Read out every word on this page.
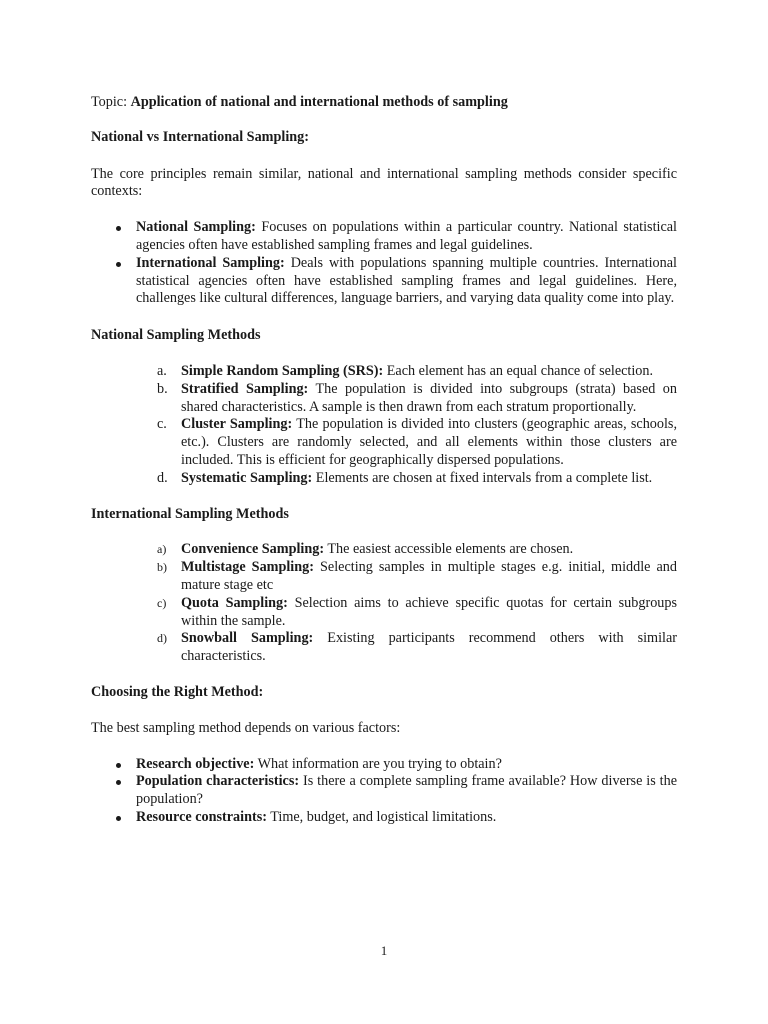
Topic: Application of national and international methods of sampling

National vs International Sampling:

The core principles remain similar, national and international sampling methods consider specific contexts:

National Sampling: Focuses on populations within a particular country. National statistical agencies often have established sampling frames and legal guidelines.
International Sampling: Deals with populations spanning multiple countries. International statistical agencies often have established sampling frames and legal guidelines. Here, challenges like cultural differences, language barriers, and varying data quality come into play.

National Sampling Methods

a. Simple Random Sampling (SRS): Each element has an equal chance of selection.
b. Stratified Sampling: The population is divided into subgroups (strata) based on shared characteristics. A sample is then drawn from each stratum proportionally.
c. Cluster Sampling: The population is divided into clusters (geographic areas, schools, etc.). Clusters are randomly selected, and all elements within those clusters are included. This is efficient for geographically dispersed populations.
d. Systematic Sampling: Elements are chosen at fixed intervals from a complete list.

International Sampling Methods

a) Convenience Sampling: The easiest accessible elements are chosen.
b) Multistage Sampling: Selecting samples in multiple stages e.g. initial, middle and mature stage etc
c) Quota Sampling: Selection aims to achieve specific quotas for certain subgroups within the sample.
d) Snowball Sampling: Existing participants recommend others with similar characteristics.

Choosing the Right Method:

The best sampling method depends on various factors:

Research objective: What information are you trying to obtain?
Population characteristics: Is there a complete sampling frame available? How diverse is the population?
Resource constraints: Time, budget, and logistical limitations.
1
